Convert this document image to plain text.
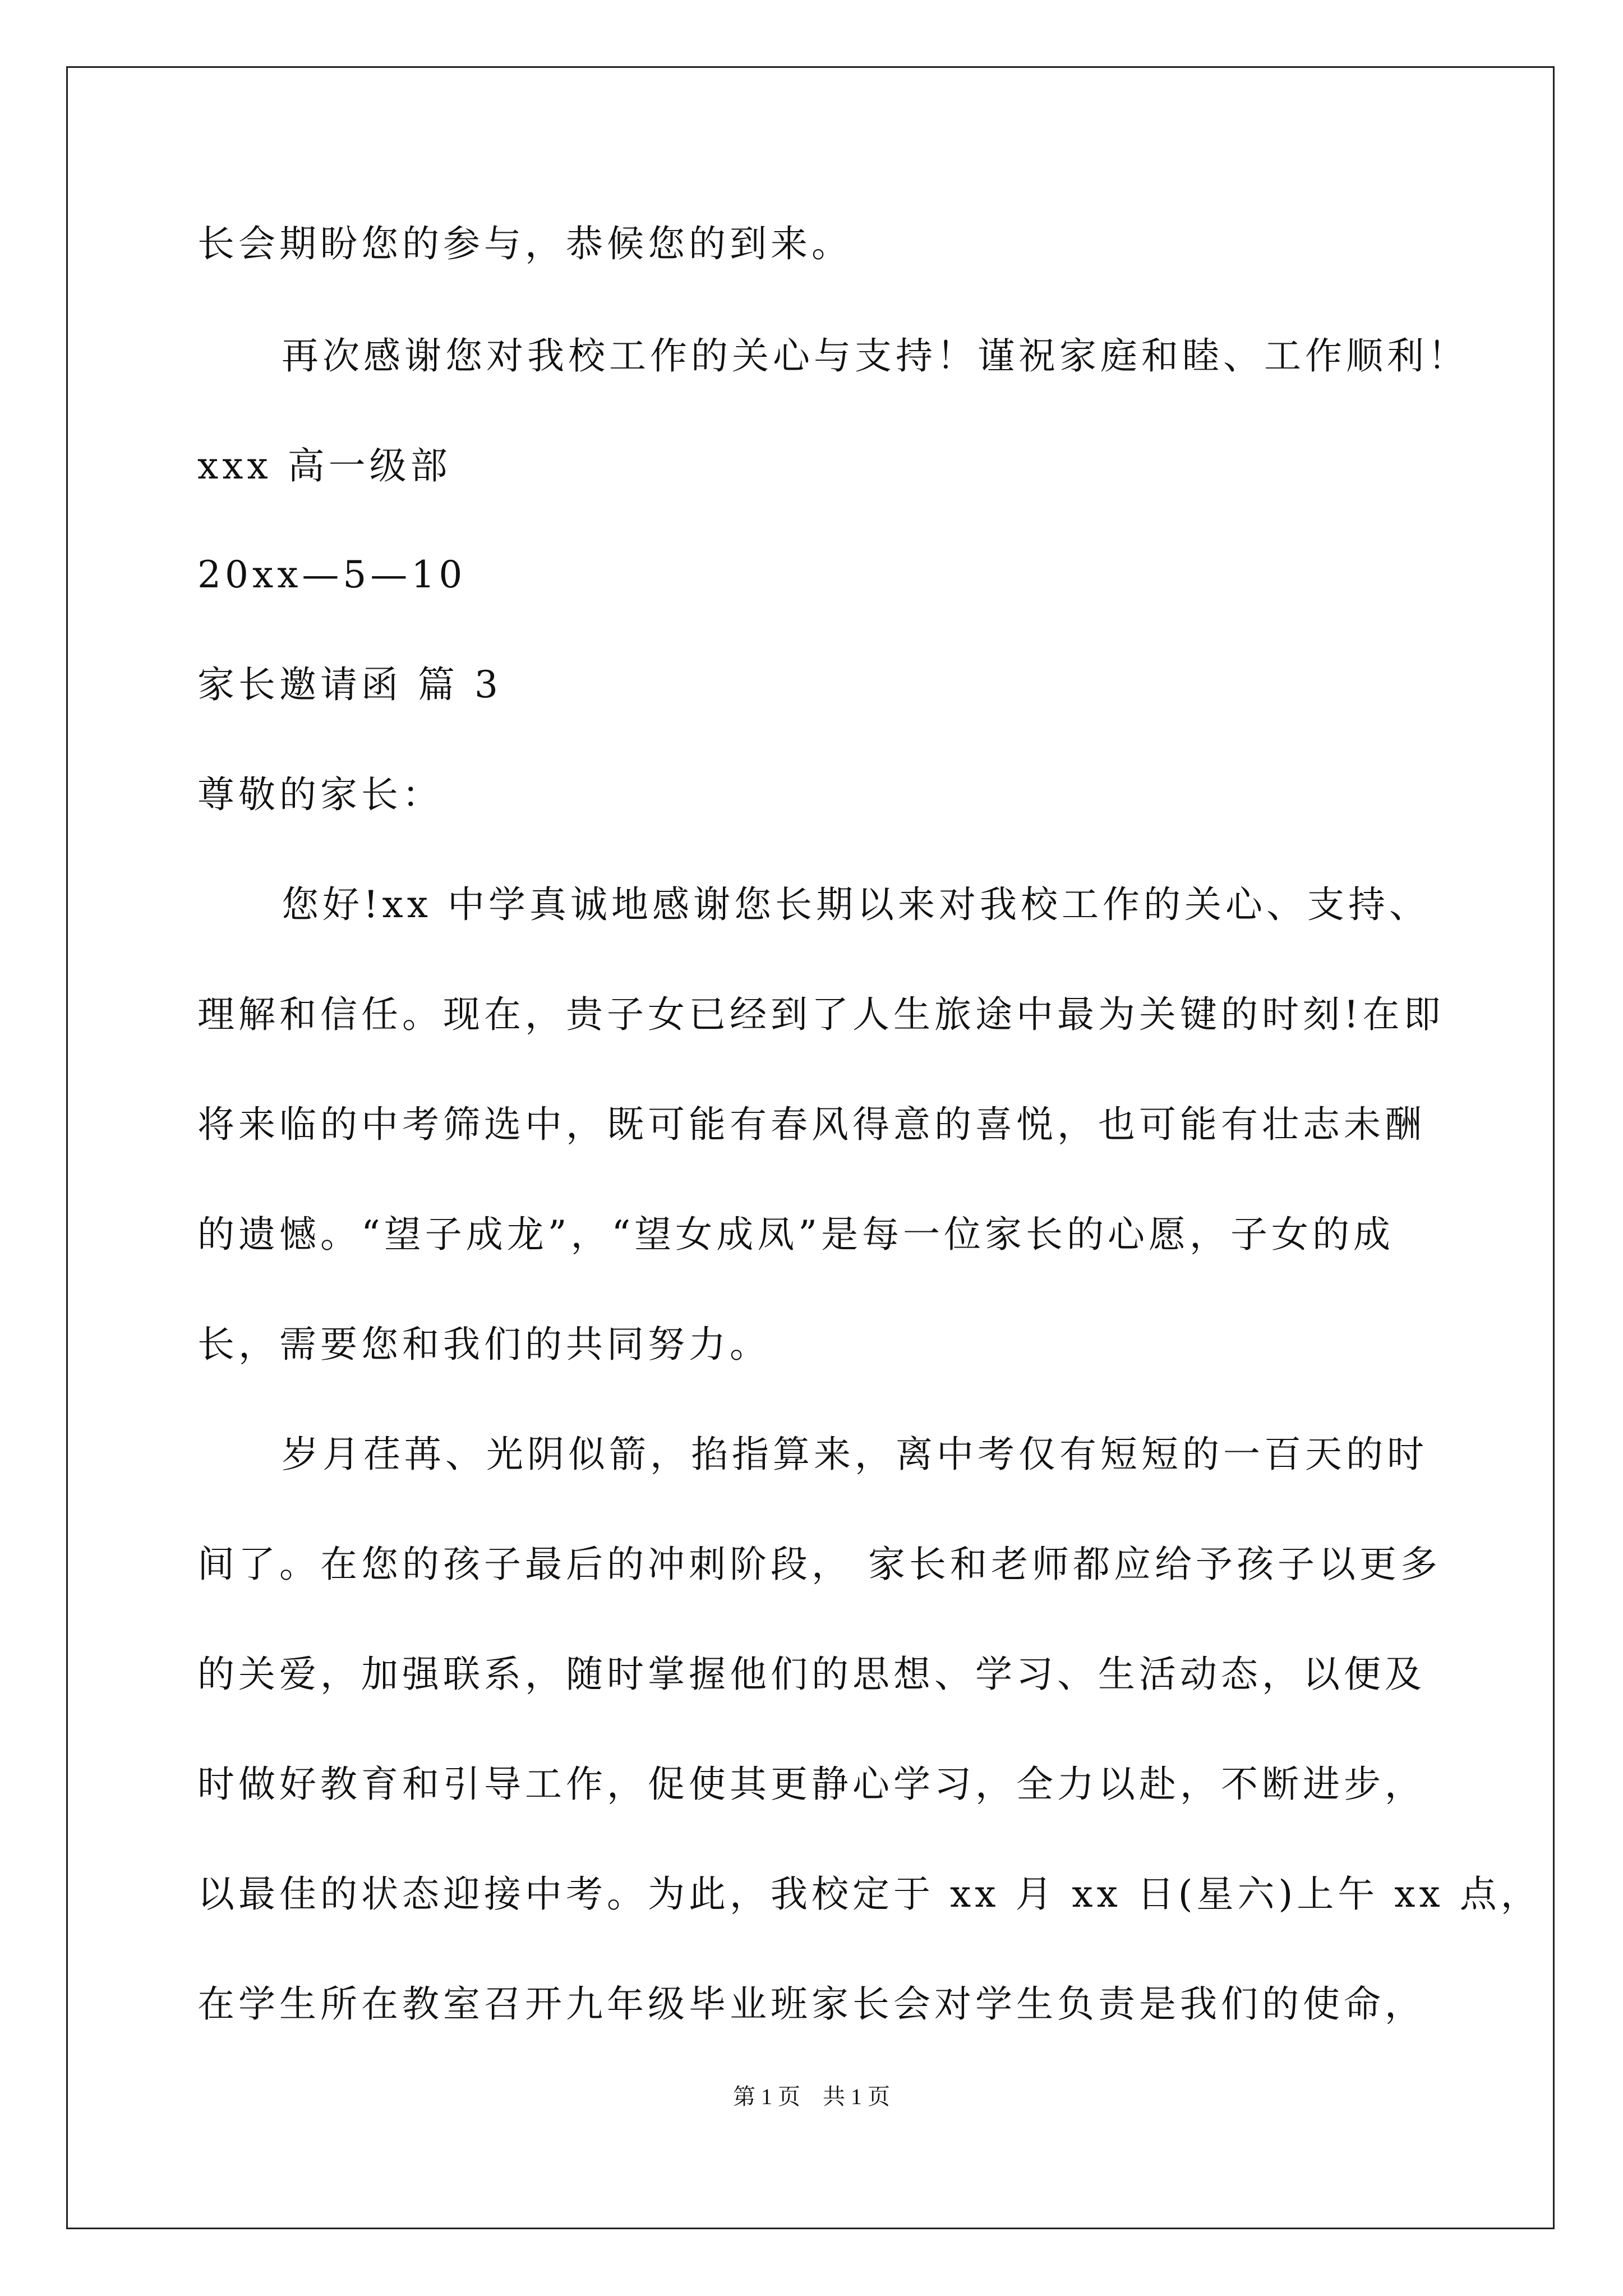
长会期盼您的参与，恭候您的到来。
再次感谢您对我校工作的关心与支持！谨祝家庭和睦、工作顺利！
xxx 高一级部
20xx—5—10
家长邀请函 篇 3
尊敬的家长：
您好!xx 中学真诚地感谢您长期以来对我校工作的关心、支持、
理解和信任。现在，贵子女已经到了人生旅途中最为关键的时刻!在即
将来临的中考筛选中，既可能有春风得意的喜悦，也可能有壮志未酬
的遗憾。“望子成龙”，“望女成凤”是每一位家长的心愿，子女的成
长，需要您和我们的共同努力。
岁月荏苒、光阴似箭，掐指算来，离中考仅有短短的一百天的时
间了。在您的孩子最后的冲刺阶段， 家长和老师都应给予孩子以更多
的关爱，加强联系，随时掌握他们的思想、学习、生活动态，以便及
时做好教育和引导工作，促使其更静心学习，全力以赴，不断进步，
以最佳的状态迎接中考。为此，我校定于 xx 月 xx 日(星六)上午 xx 点，
在学生所在教室召开九年级毕业班家长会对学生负责是我们的使命，
第 1 页　共 1 页
